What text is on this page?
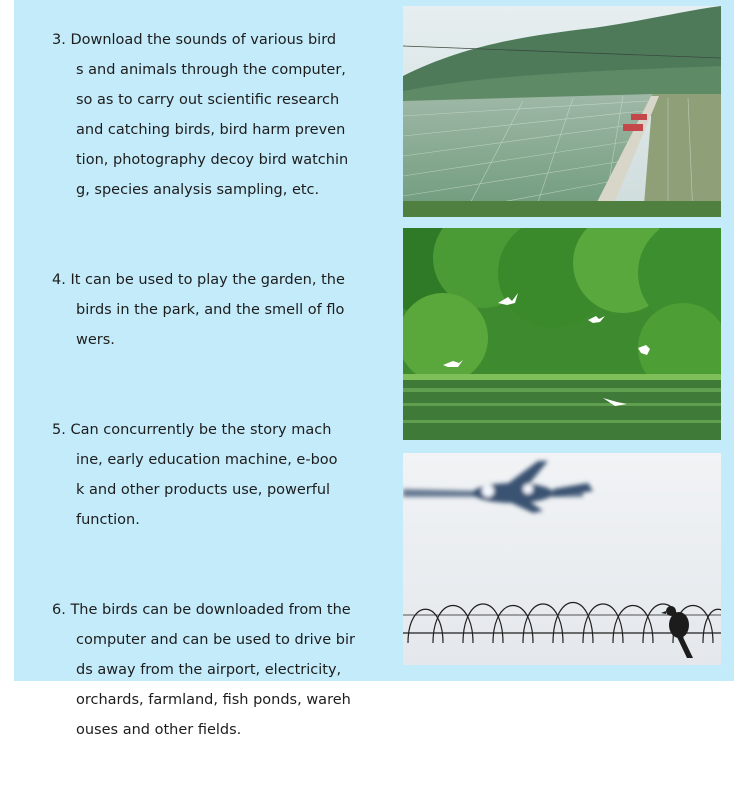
3. Download the sounds of various bird
s and animals through the computer,
so as to carry out scientific research
and catching birds, bird harm preven
tion, photography decoy bird watchin
g, species analysis sampling, etc.
4. It can be used to play the garden, the
birds in the park, and the smell of flo
wers.
5. Can concurrently be the story mach
ine, early education machine, e-boo
k and other products use, powerful
function.
6. The birds can be downloaded from the
computer and can be used to drive bir
ds away from the airport, electricity,
orchards, farmland, fish ponds, wareh
ouses and other fields.
